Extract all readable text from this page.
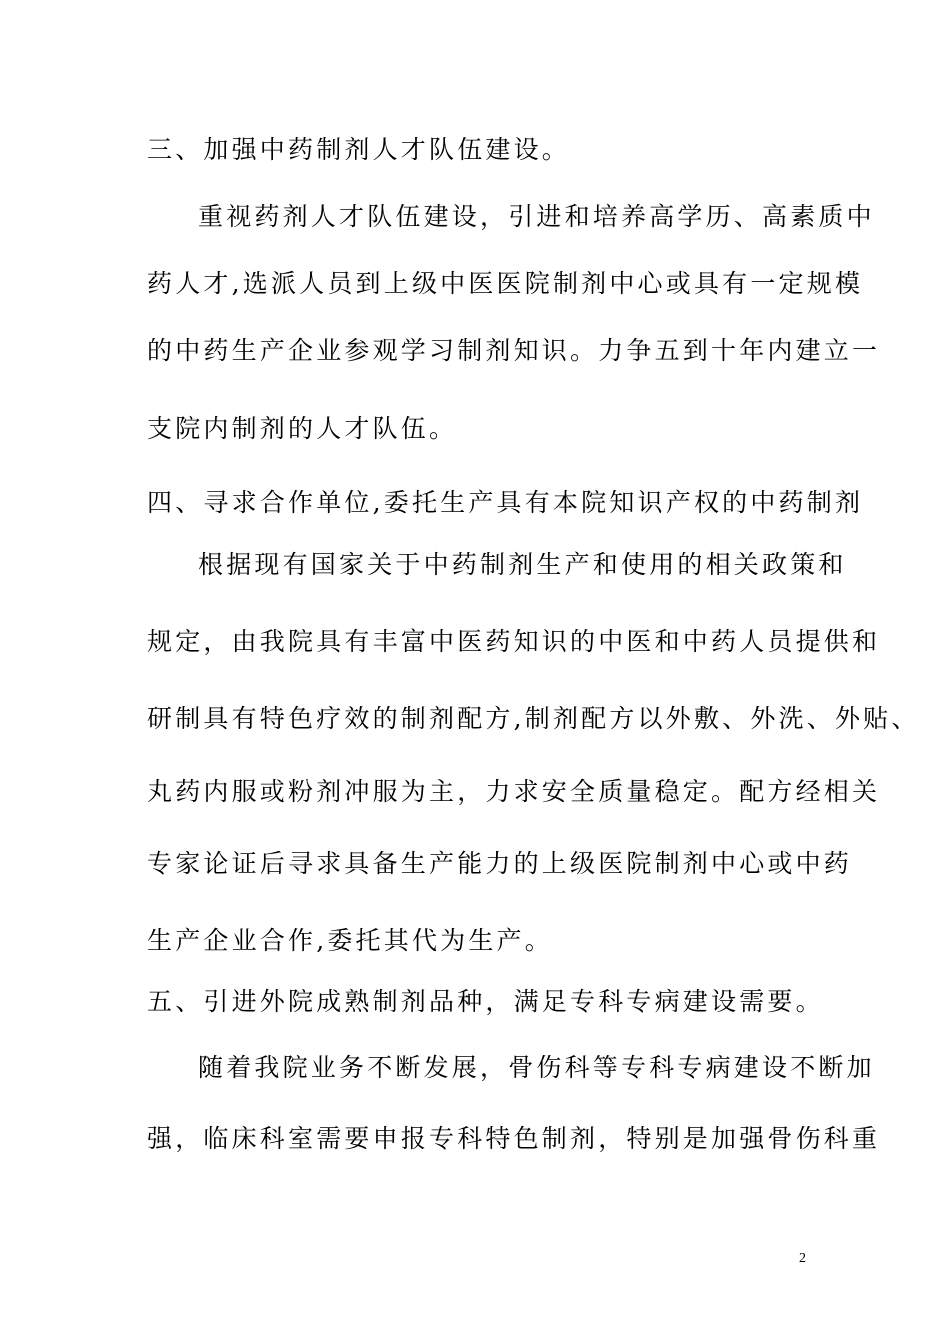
三、加强中药制剂人才队伍建设。
重视药剂人才队伍建设，引进和培养高学历、高素质中
药人才,选派人员到上级中医医院制剂中心或具有一定规模
的中药生产企业参观学习制剂知识。力争五到十年内建立一
支院内制剂的人才队伍。
四、寻求合作单位,委托生产具有本院知识产权的中药制剂
根据现有国家关于中药制剂生产和使用的相关政策和
规定，由我院具有丰富中医药知识的中医和中药人员提供和
研制具有特色疗效的制剂配方,制剂配方以外敷、外洗、外贴、
丸药内服或粉剂冲服为主，力求安全质量稳定。配方经相关
专家论证后寻求具备生产能力的上级医院制剂中心或中药
生产企业合作,委托其代为生产。
五、引进外院成熟制剂品种，满足专科专病建设需要。
随着我院业务不断发展，骨伤科等专科专病建设不断加
强，临床科室需要申报专科特色制剂，特别是加强骨伤科重
2
